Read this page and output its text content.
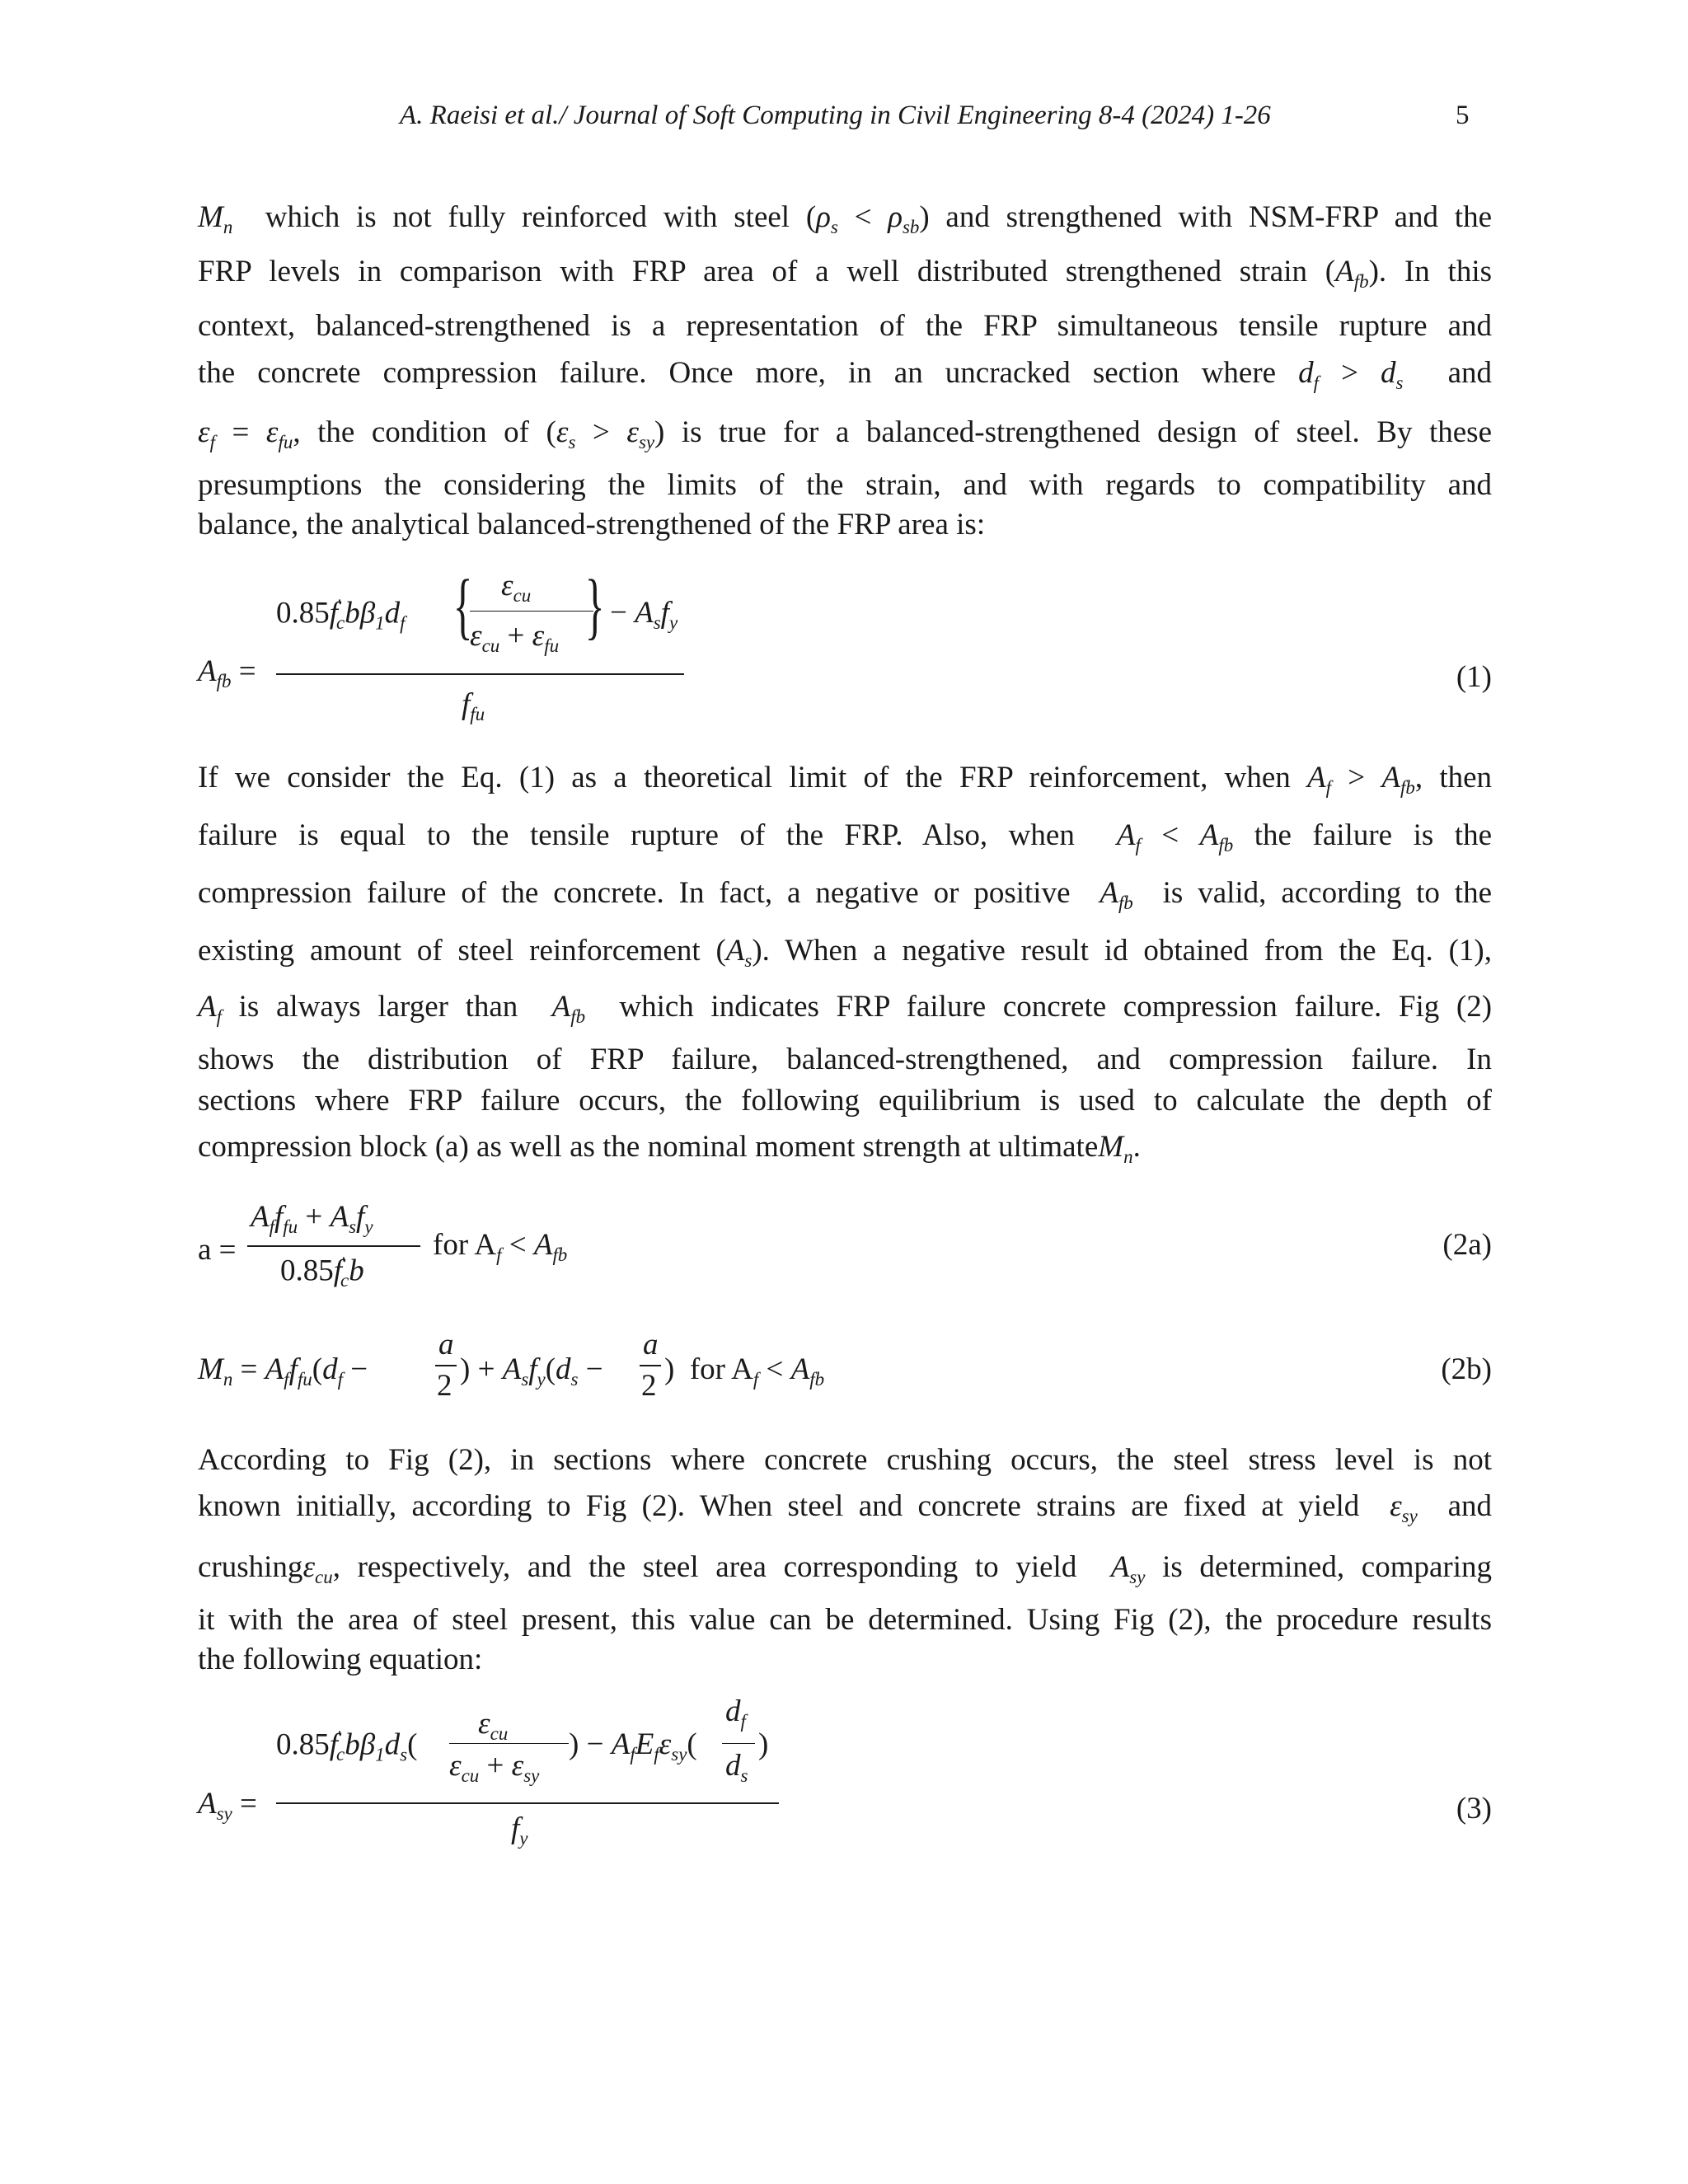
A. Raeisi et al./ Journal of Soft Computing in Civil Engineering 8-4 (2024) 1-26	5
$M_n$ which is not fully reinforced with steel $(\rho_s < \rho_{sb})$ and strengthened with NSM-FRP and the
FRP levels in comparison with FRP area of a well distributed strengthened strain $(A_{fb})$. In this
context, balanced-strengthened is a representation of the FRP simultaneous tensile rupture and
the concrete compression failure. Once more, in an uncracked section where $d_f > d_s$ and
$\varepsilon_f = \varepsilon_{fu}$, the condition of $(\varepsilon_s > \varepsilon_{sy})$ is true for a balanced-strengthened design of steel. By these
presumptions the considering the limits of the strain, and with regards to compatibility and
balance, the analytical balanced-strengthened of the FRP area is:
$A_{fb}$ =
$0.85f'_cb\beta_1d_f$ { $\varepsilon_{cu}$
$\varepsilon_{cu} + \varepsilon_{fu}$ } − $A_sf_y$
$f_{fu}$
(1)
If we consider the Eq. (1) as a theoretical limit of the FRP reinforcement, when $A_f > A_{fb}$, then
failure is equal to the tensile rupture of the FRP. Also, when $A_f < A_{fb}$ the failure is the
compression failure of the concrete. In fact, a negative or positive $A_{fb}$ is valid, according to the
existing amount of steel reinforcement $(A_s)$. When a negative result id obtained from the Eq. (1),
$A_f$ is always larger than $A_{fb}$ which indicates FRP failure concrete compression failure. Fig (2)
shows the distribution of FRP failure, balanced-strengthened, and compression failure. In
sections where FRP failure occurs, the following equilibrium is used to calculate the depth of
compression block (a) as well as the nominal moment strength at ultimateM$_n$.
a =
$A_ff_{fu} + A_sf_y$
$0.85f'_cb$
for $A_f < A_{fb}$	(2a)
$M_n = A_ff_{fu}(d_f$ −
a
2 ) + $A_sf_y(d_s$ −
a
2 )  for $A_f < A_{fb}$	(2b)
According to Fig (2), in sections where concrete crushing occurs, the steel stress level is not
known initially, according to Fig (2). When steel and concrete strains are fixed at yield $\varepsilon_{sy}$ and
crushingε$_{cu}$, respectively, and the steel area corresponding to yield $A_{sy}$ is determined, comparing
it with the area of steel present, this value can be determined. Using Fig (2), the procedure results
the following equation:
$A_{sy}$ =
$0.85f'_cb\beta_1d_s$(
$\varepsilon_{cu}$
$\varepsilon_{cu} + \varepsilon_{sy}$
) − $A_fE_f\varepsilon_{sy}$(
$d_f$
$d_s$
)
$f_y$
(3)
